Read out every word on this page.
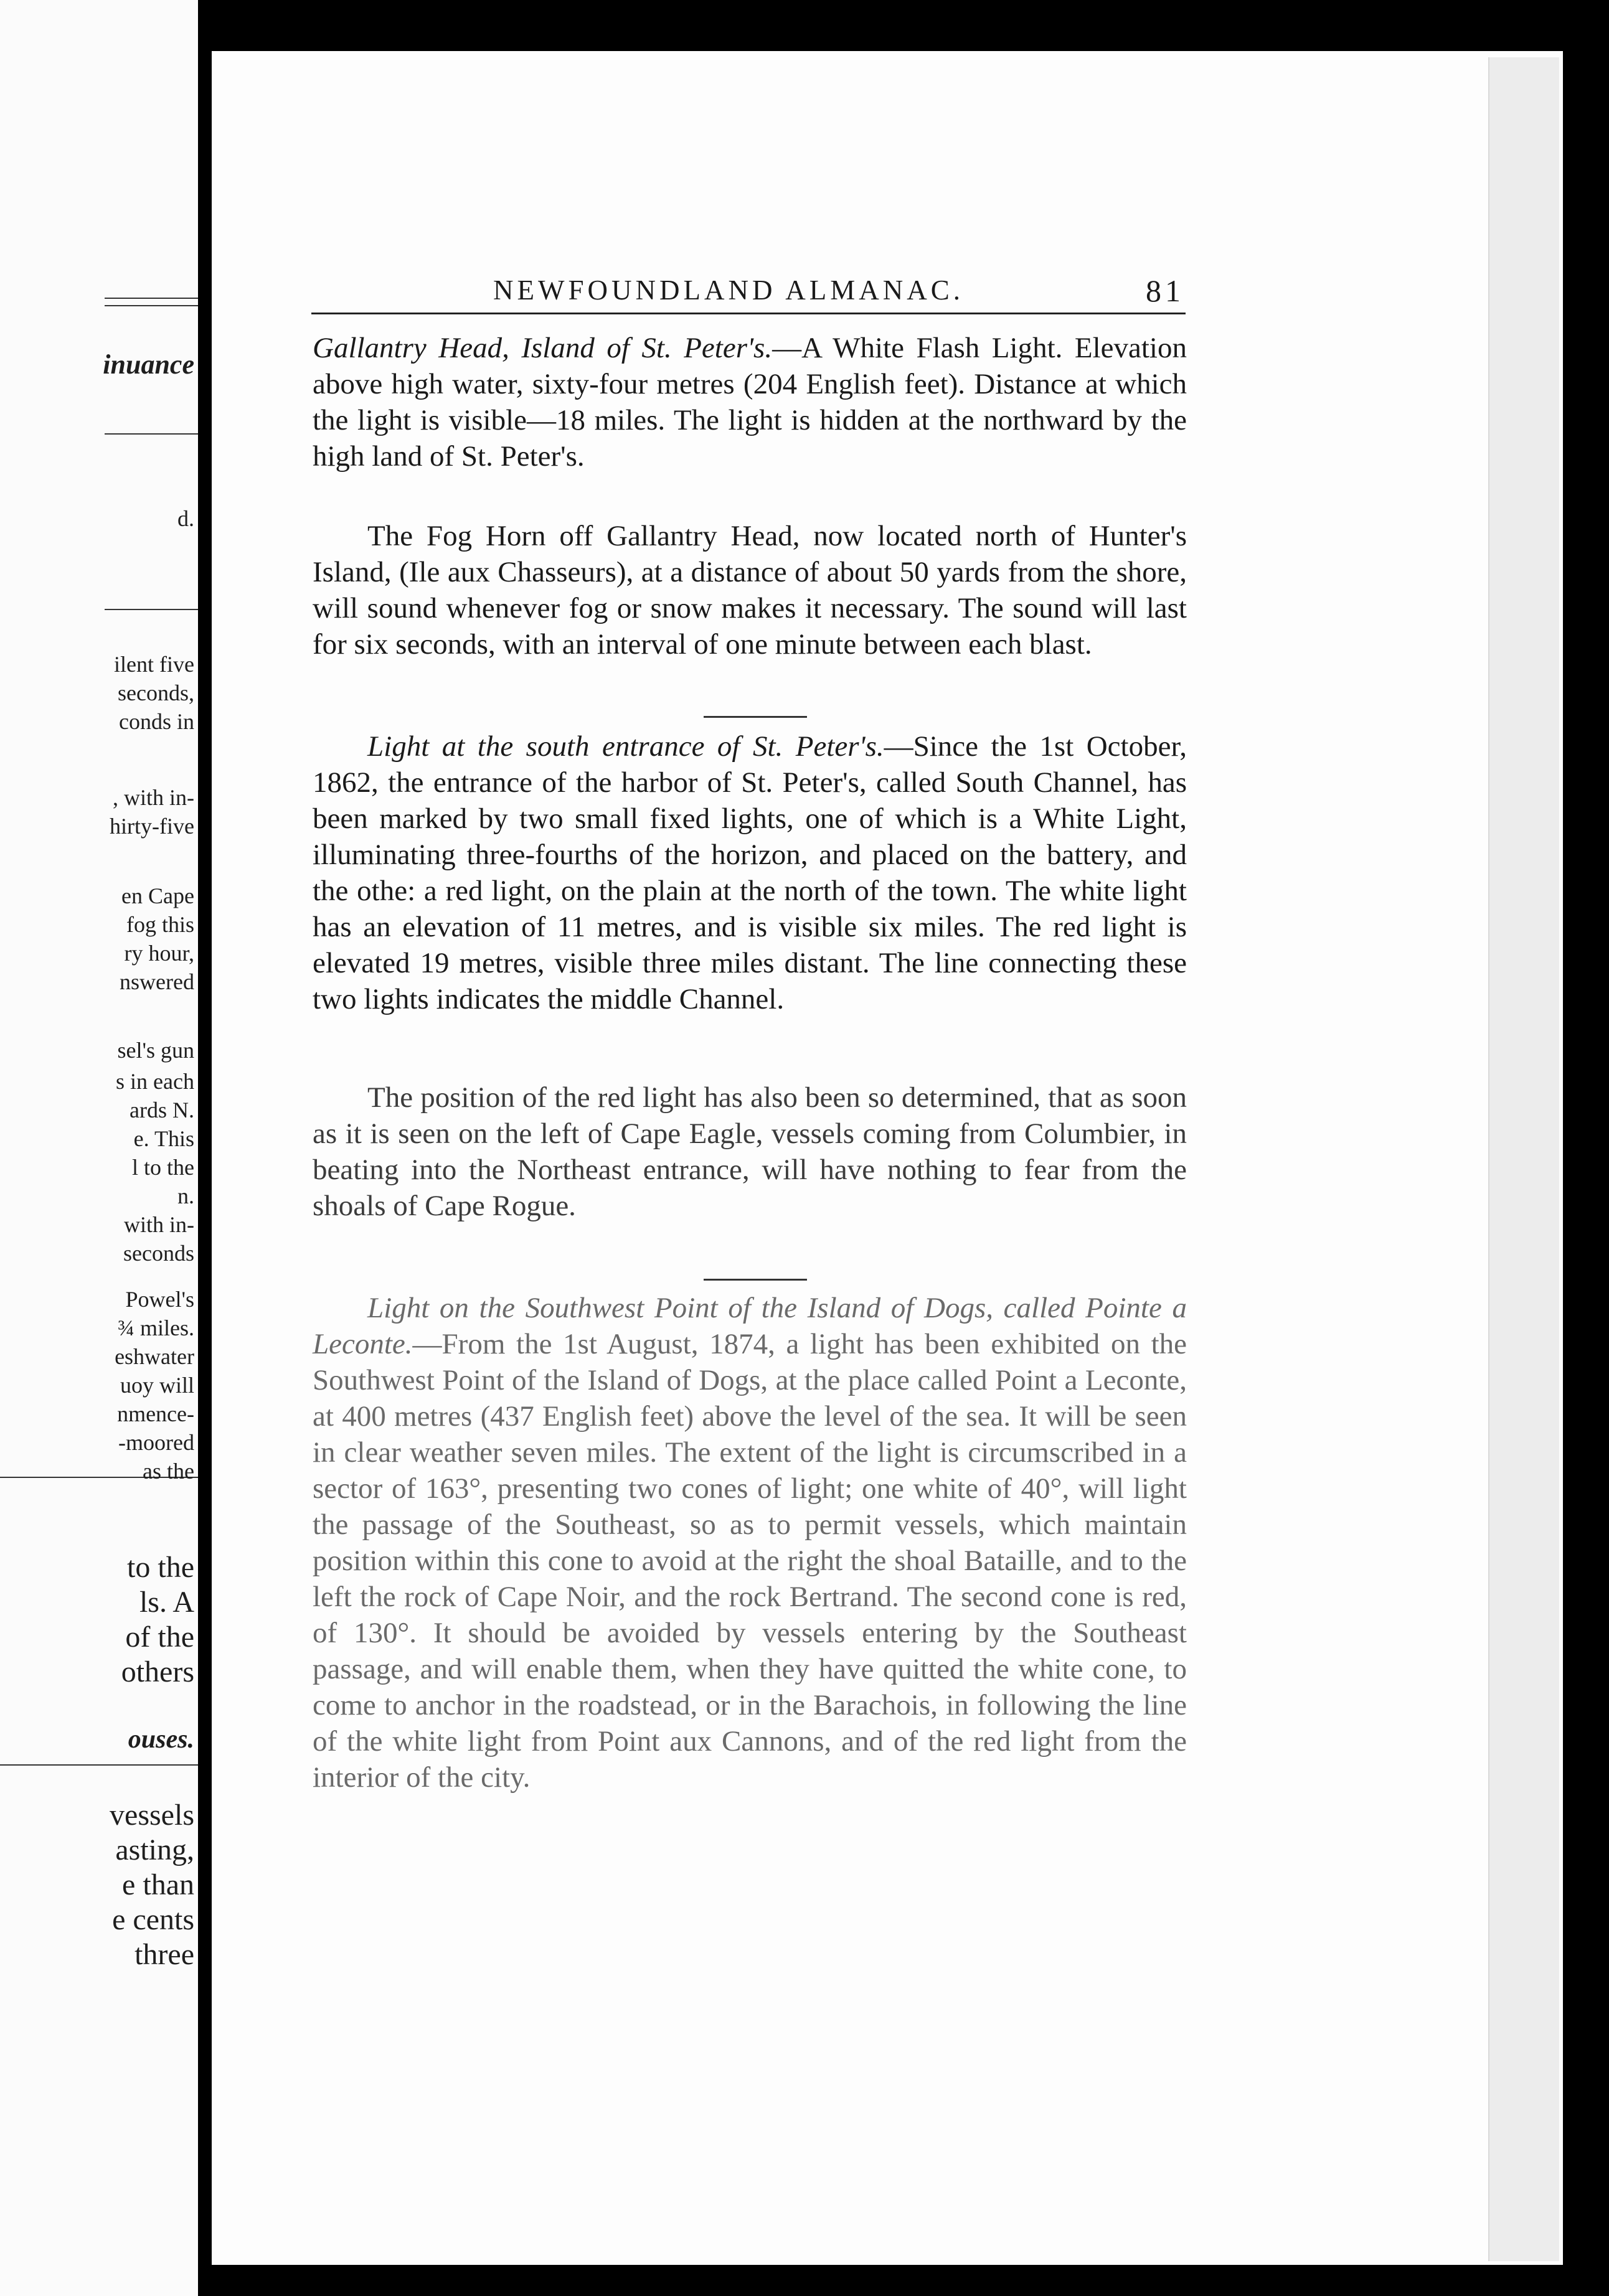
inuance
d.
ilent five
seconds,
conds in
, with in-
hirty-five
en Cape
fog this
ry hour,
nswered
sel's gun
s in each
ards N.
e. This
l to the
n.
with in-
seconds
Powel's
¾ miles.
eshwater
uoy will
nmence-
-moored
as the
to the
ls. A
of the
others
ouses.
vessels
asting,
e than
e cents
three
NEWFOUNDLAND ALMANAC.	81

Gallantry Head, Island of St. Peter's.—A White Flash Light. Elevation above high water, sixty-four metres (204 English feet). Distance at which the light is visible—18 miles. The light is hidden at the northward by the high land of St. Peter's.

The Fog Horn off Gallantry Head, now located north of Hunter's Island, (Ile aux Chasseurs), at a distance of about 50 yards from the shore, will sound whenever fog or snow makes it necessary. The sound will last for six seconds, with an interval of one minute between each blast.

Light at the south entrance of St. Peter's.—Since the 1st October, 1862, the entrance of the harbor of St. Peter's, called South Channel, has been marked by two small fixed lights, one of which is a White Light, illuminating three-fourths of the horizon, and placed on the battery, and the othe: a red light, on the plain at the north of the town. The white light has an elevation of 11 metres, and is visible six miles. The red light is elevated 19 metres, visible three miles distant. The line connecting these two lights indicates the middle Channel.

The position of the red light has also been so determined, that as soon as it is seen on the left of Cape Eagle, vessels coming from Columbier, in beating into the Northeast entrance, will have nothing to fear from the shoals of Cape Rogue.

Light on the Southwest Point of the Island of Dogs, called Pointe a Leconte.—From the 1st August, 1874, a light has been exhibited on the Southwest Point of the Island of Dogs, at the place called Point a Leconte, at 400 metres (437 English feet) above the level of the sea. It will be seen in clear weather seven miles. The extent of the light is circumscribed in a sector of 163°, presenting two cones of light; one white of 40°, will light the passage of the Southeast, so as to permit vessels, which maintain position within this cone to avoid at the right the shoal Bataille, and to the left the rock of Cape Noir, and the rock Bertrand. The second cone is red, of 130°. It should be avoided by vessels entering by the Southeast passage, and will enable them, when they have quitted the white cone, to come to anchor in the roadstead, or in the Barachois, in following the line of the white light from Point aux Cannons, and of the red light from the interior of the city.
